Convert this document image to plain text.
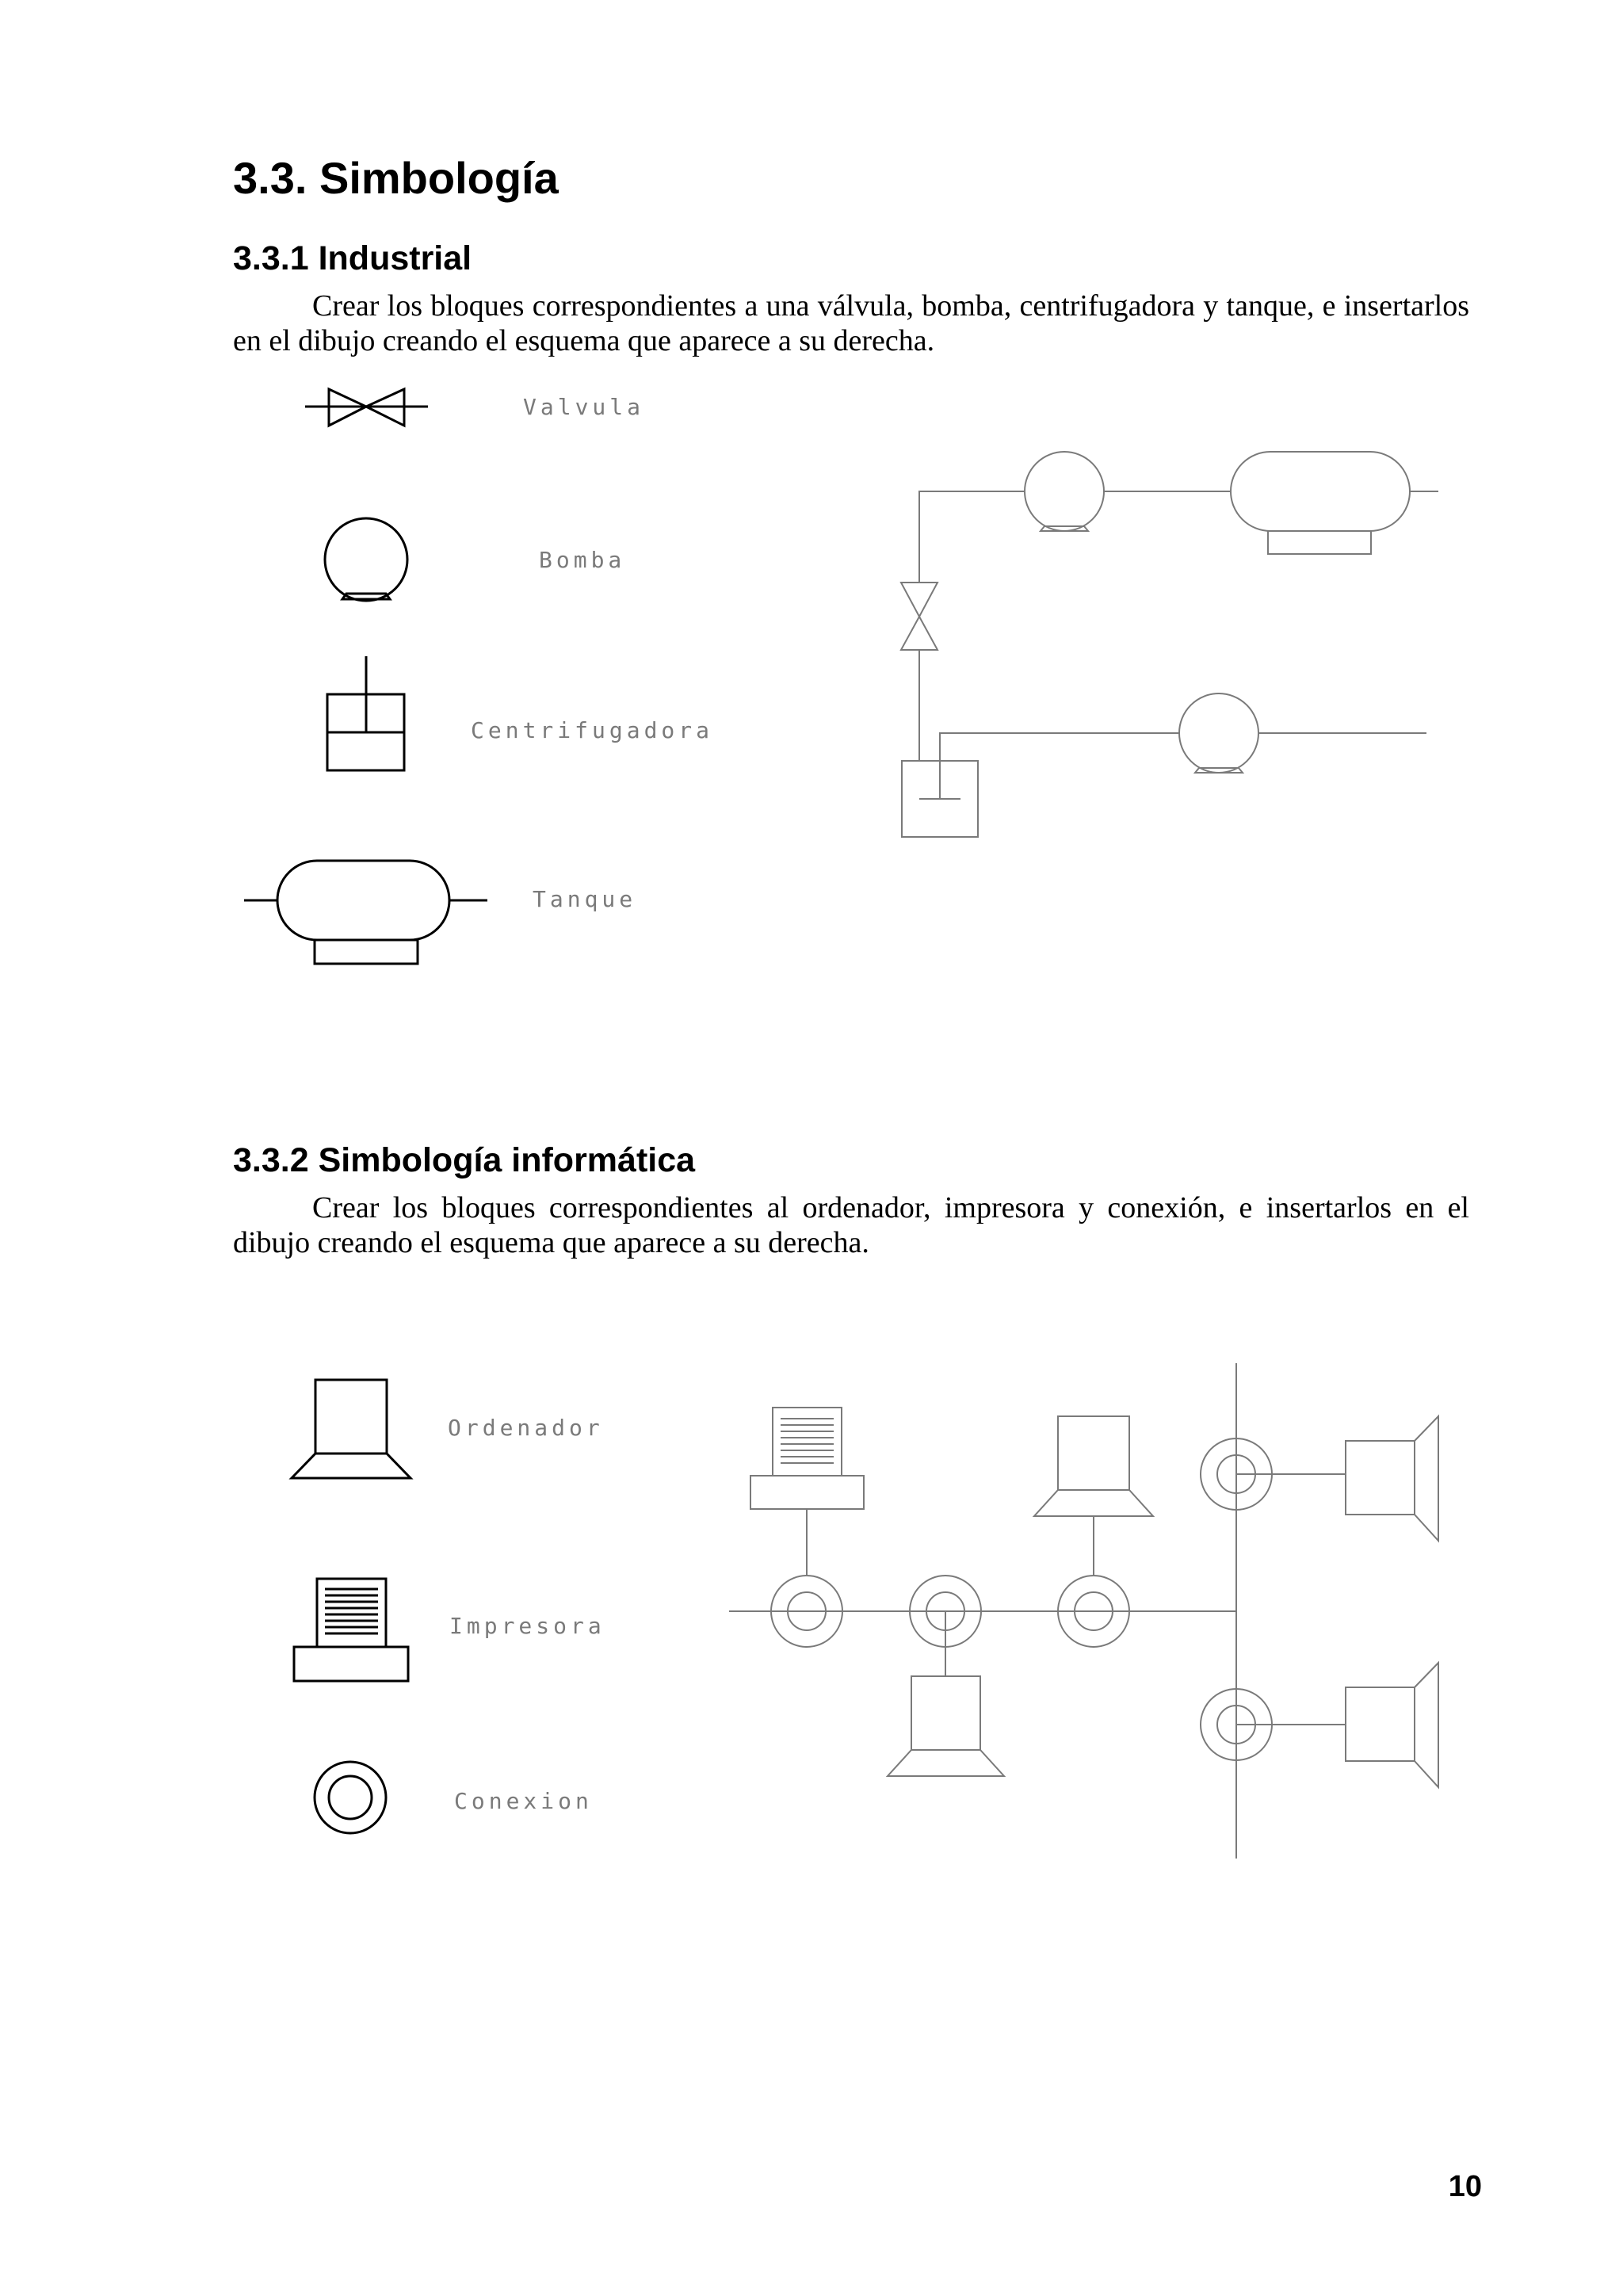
3.3. Simbología
3.3.1 Industrial

Crear los bloques correspondientes a una válvula, bomba, centrifugadora y tanque, e insertarlos en el dibujo creando el esquema que aparece a su derecha.

3.3.2 Simbología informática

Crear los bloques correspondientes al ordenador, impresora y conexión, e insertarlos en el dibujo creando el esquema que aparece a su derecha.

Valvula
Bomba
Centrifugadora
Tanque
Ordenador
Impresora
Conexion

10
